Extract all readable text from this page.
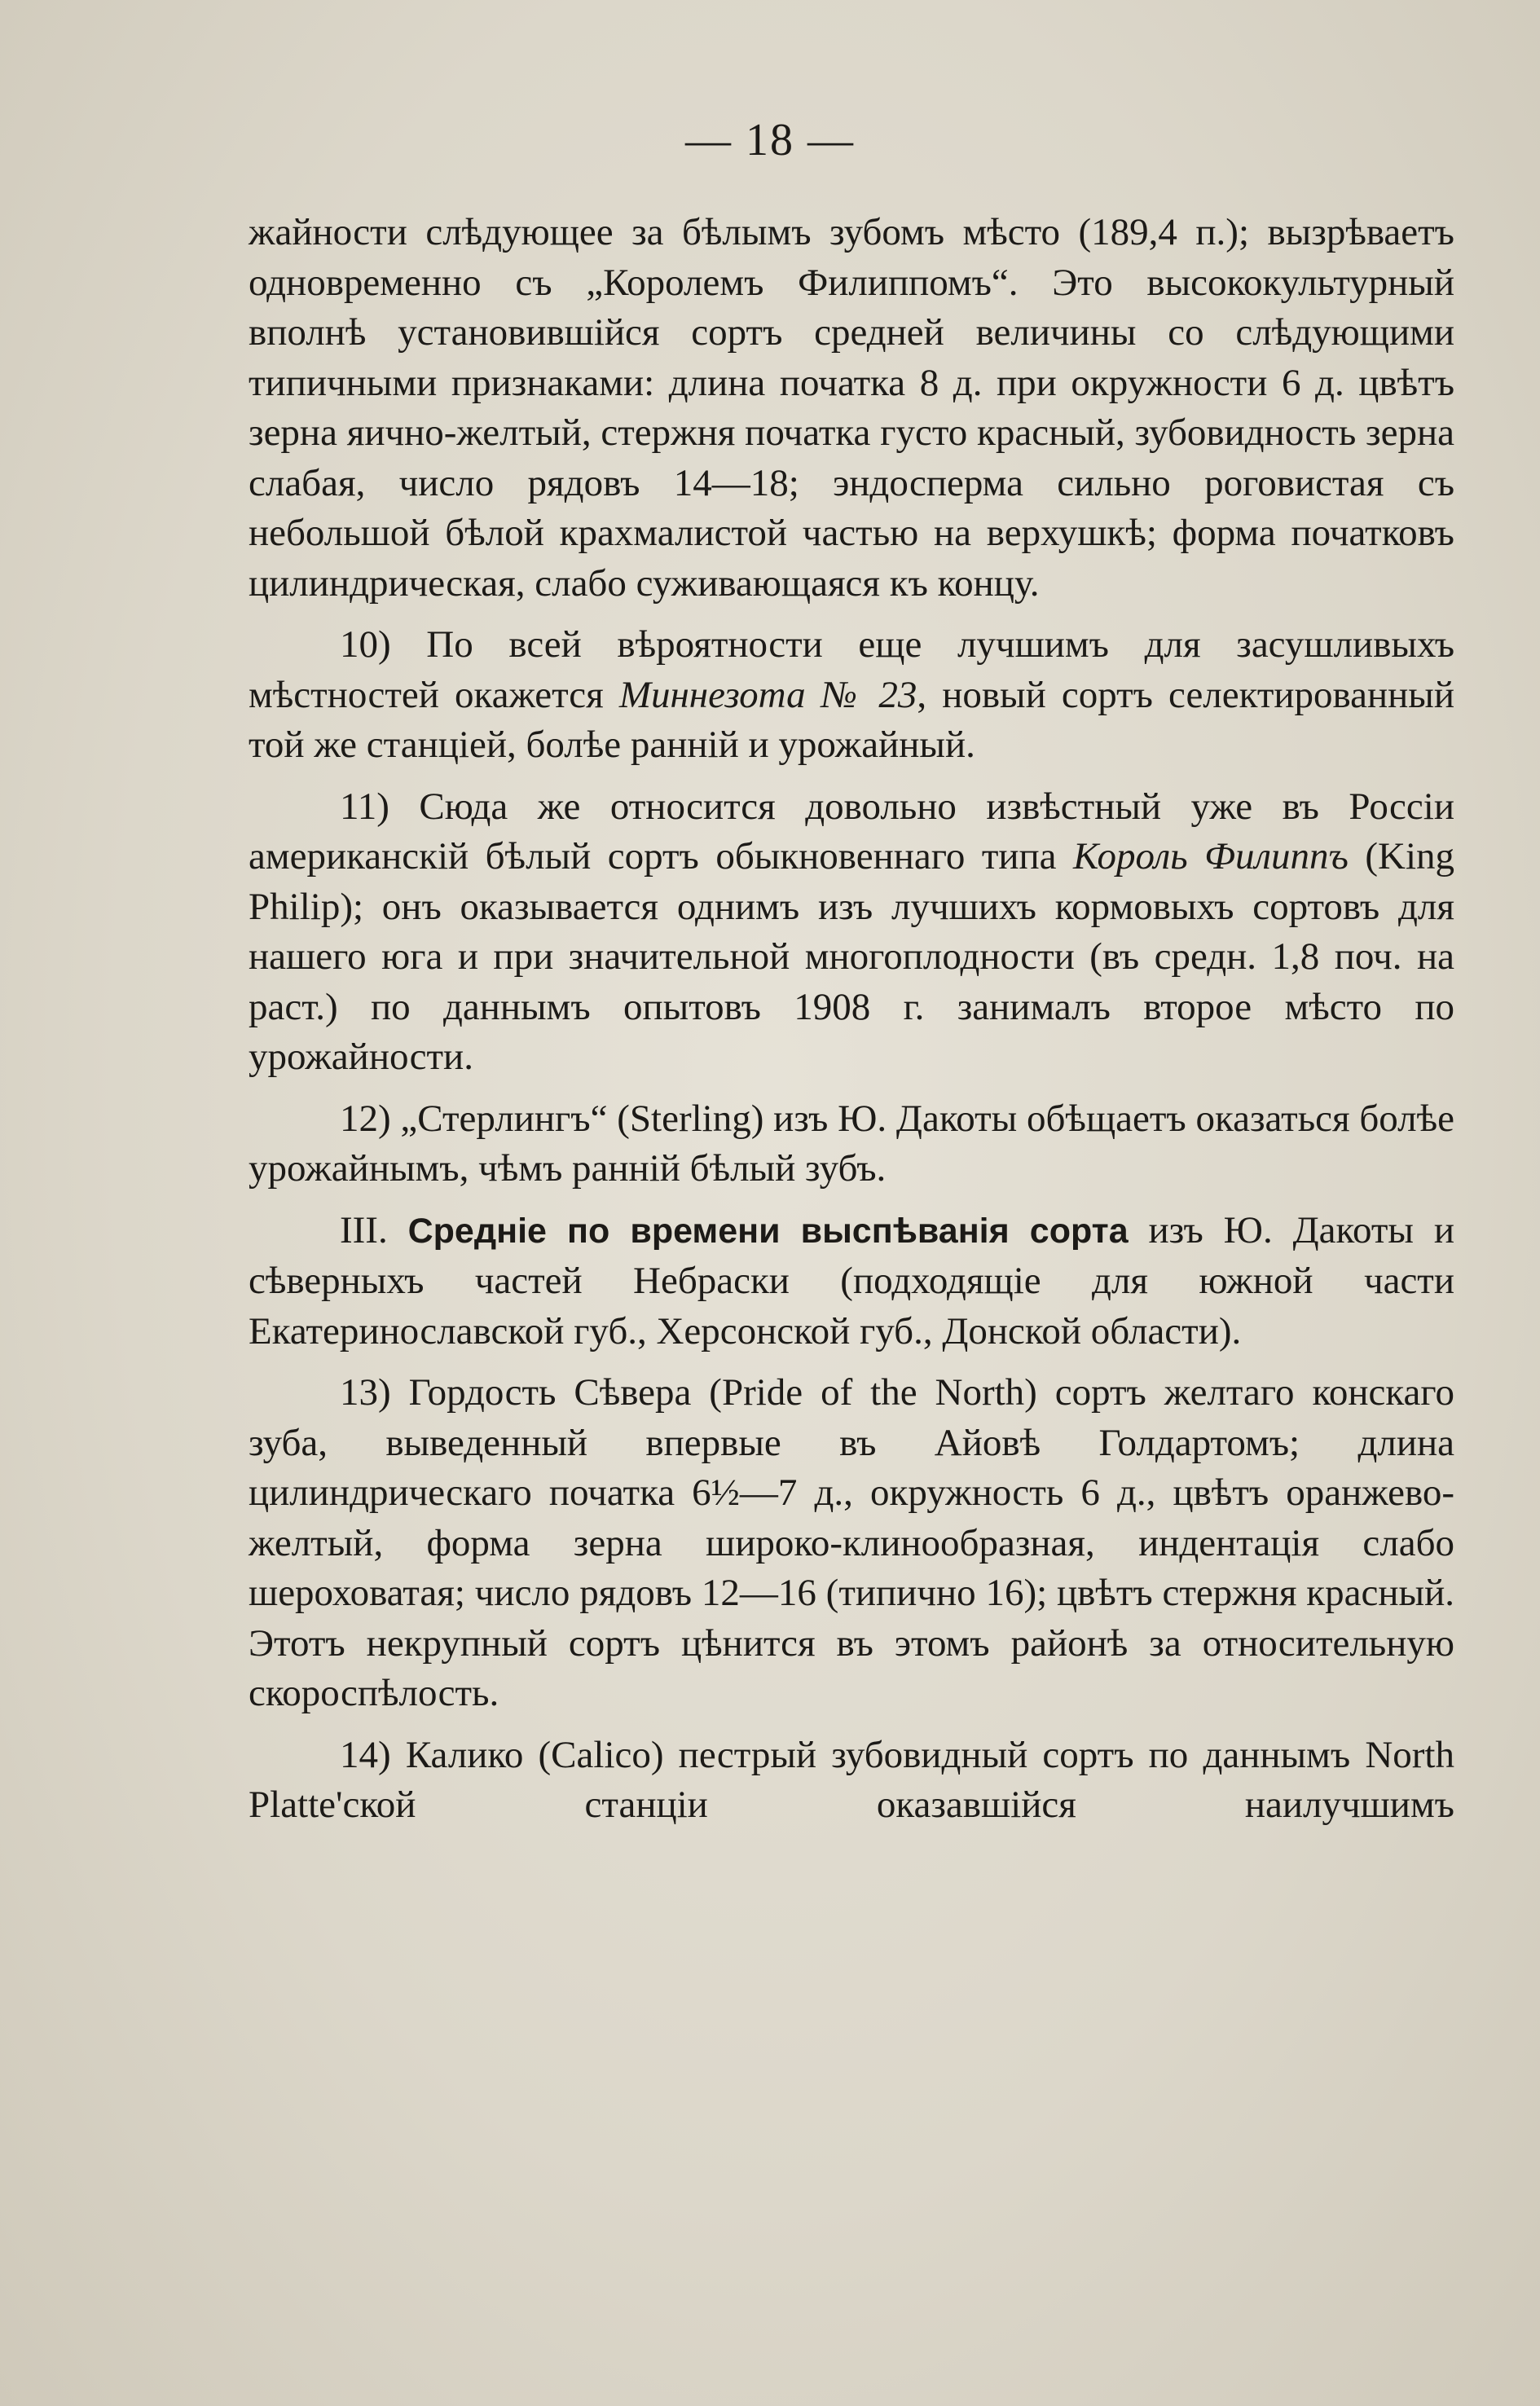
— 18 —

жайности слѣдующее за бѣлымъ зубомъ мѣсто (189,4 п.); вызрѣваетъ одновременно съ „Королемъ Филиппомъ“. Это высококультурный вполнѣ установившійся сортъ средней величины со слѣдующими типичными признаками: длина початка 8 д. при окружности 6 д. цвѣтъ зерна яично-желтый, стержня початка густо красный, зубовидность зерна слабая, число рядовъ 14—18; эндосперма сильно роговистая съ небольшой бѣлой крахмалистой частью на верхушкѣ; форма початковъ цилиндрическая, слабо суживающаяся къ концу.

10) По всей вѣроятности еще лучшимъ для засушливыхъ мѣстностей окажется Миннезота № 23, новый сортъ селектированный той же станціей, болѣе ранній и урожайный.

11) Сюда же относится довольно извѣстный уже въ Россіи американскій бѣлый сортъ обыкновеннаго типа Король Филиппъ (King Philip); онъ оказывается однимъ изъ лучшихъ кормовыхъ сортовъ для нашего юга и при значительной многоплодности (въ средн. 1,8 поч. на раст.) по даннымъ опытовъ 1908 г. занималъ второе мѣсто по урожайности.

12) „Стерлингъ“ (Sterling) изъ Ю. Дакоты обѣщаетъ оказаться болѣе урожайнымъ, чѣмъ ранній бѣлый зубъ.

III. Средніе по времени выспѣванія сорта изъ Ю. Дакоты и сѣверныхъ частей Небраски (подходящіе для южной части Екатеринославской губ., Херсонской губ., Донской области).

13) Гордость Сѣвера (Pride of the North) сортъ желтаго конскаго зуба, выведенный впервые въ Айовѣ Голдартомъ; длина цилиндрическаго початка 6½—7 д., окружность 6 д., цвѣтъ оранжево-желтый, форма зерна широко-клинообразная, индентація слабо шероховатая; число рядовъ 12—16 (типично 16); цвѣтъ стержня красный. Этотъ некрупный сортъ цѣнится въ этомъ районѣ за относительную скороспѣлость.

14) Калико (Calico) пестрый зубовидный сортъ по даннымъ North Platte'ской станціи оказавшійся наилучшимъ
